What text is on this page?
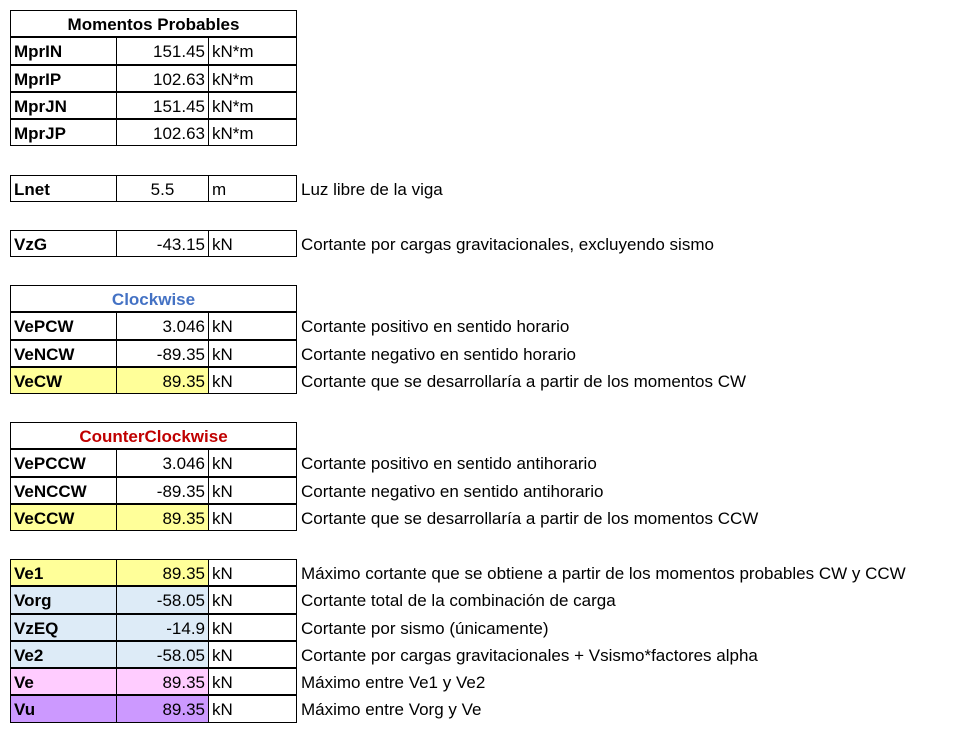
Momentos Probables
MprIN	151.45 kN*m
MprIP	102.63 kN*m
MprJN	151.45 kN*m
MprJP	102.63 kN*m
Lnet	5.5	m	Luz libre de la viga
VzG	-43.15 kN	Cortante por cargas gravitacionales, excluyendo sismo
Clockwise
VePCW	3.046 kN	Cortante positivo en sentido horario
VeNCW	-89.35 kN	Cortante negativo en sentido horario
VeCW	89.35 kN	Cortante que se desarrollaría a partir de los momentos CW
CounterClockwise
VePCCW	3.046 kN	Cortante positivo en sentido antihorario
VeNCCW	-89.35 kN	Cortante negativo en sentido antihorario
VeCCW	89.35 kN	Cortante que se desarrollaría a partir de los momentos CCW
Ve1	89.35 kN	Máximo cortante que se obtiene a partir de los momentos probables CW y CCW
Vorg	-58.05 kN	Cortante total de la combinación de carga
VzEQ	-14.9 kN	Cortante por sismo (únicamente)
Ve2	-58.05 kN	Cortante por cargas gravitacionales + Vsismo*factores alpha
Ve	89.35 kN	Máximo entre Ve1 y Ve2
Vu	89.35 kN	Máximo entre Vorg y Ve
